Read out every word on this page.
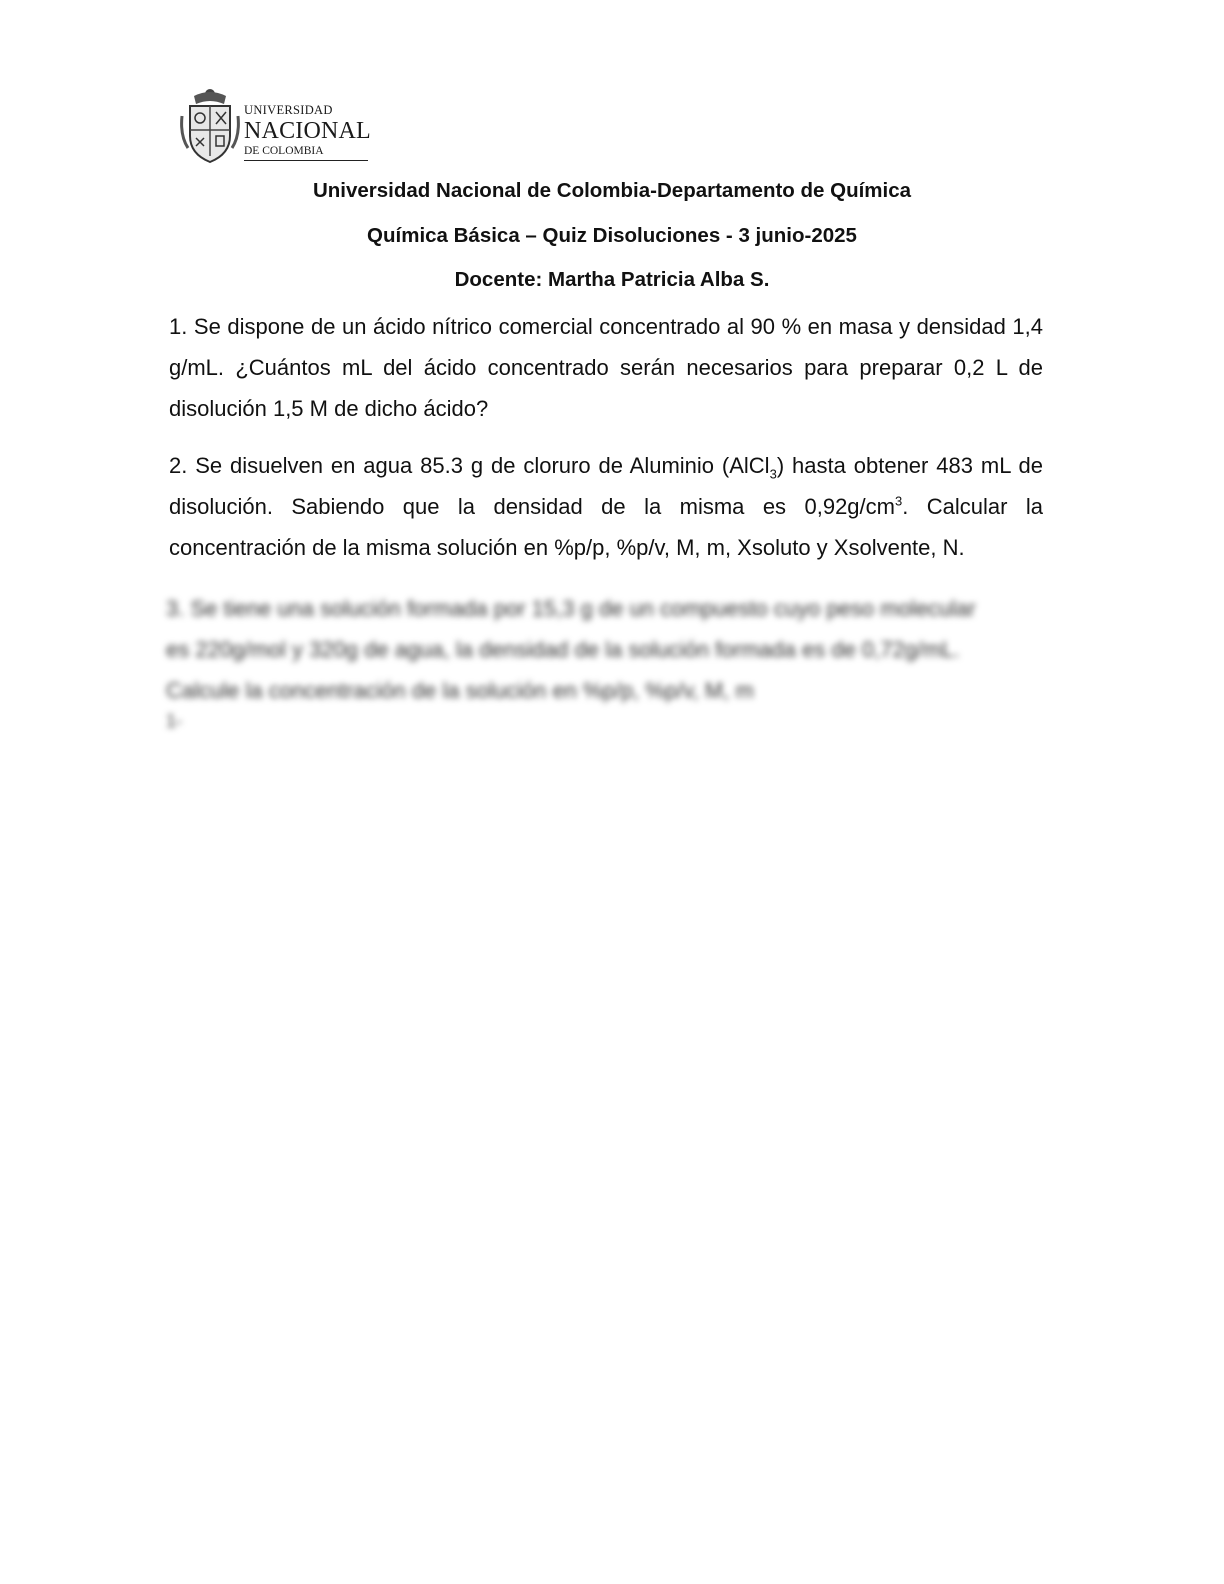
UNIVERSIDAD
NACIONAL
DE COLOMBIA
Universidad Nacional de Colombia-Departamento de Química
Química Básica – Quiz Disoluciones - 3 junio-2025
Docente: Martha Patricia Alba S.
1. Se dispone de un ácido nítrico comercial concentrado al 90 % en masa y densidad 1,4 g/mL. ¿Cuántos mL del ácido concentrado serán necesarios para preparar 0,2 L de disolución 1,5 M de dicho ácido?
2. Se disuelven en agua 85.3 g de cloruro de Aluminio (AlCl$_3$) hasta obtener 483 mL de disolución. Sabiendo que la densidad de la misma es $0,92g/cm^3$. Calcular la concentración de la misma solución en %p/p, %p/v, M, m, Xsoluto y Xsolvente, N.
3. Se tiene una solución formada por 15,3 g de un compuesto cuyo peso molecular
es 220g/mol y 320g de agua, la densidad de la solución formada es de 0,72g/mL.
Calcule la concentración de la solución en %p/p, %p/v, M, m
1-
